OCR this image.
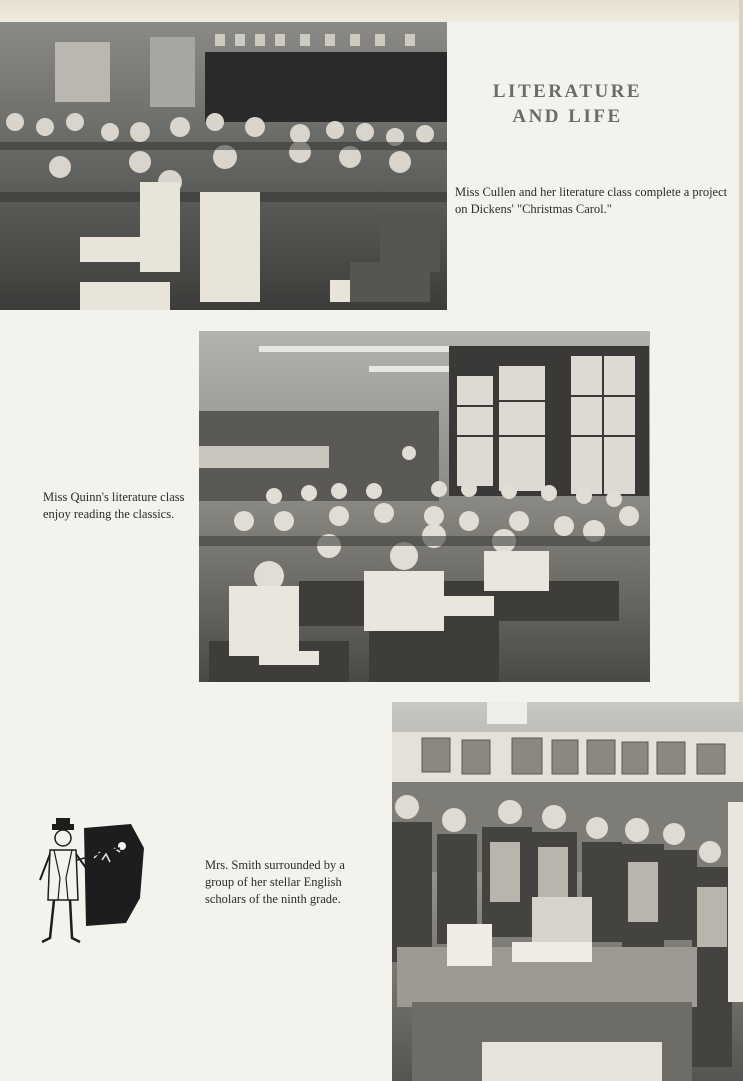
LITERATURE
AND LIFE
Miss Cullen and her literature class complete a project on Dickens' "Christmas Carol."
Miss Quinn's literature class enjoy reading the classics.
Mrs. Smith surrounded by a group of her stellar English scholars of the ninth grade.
